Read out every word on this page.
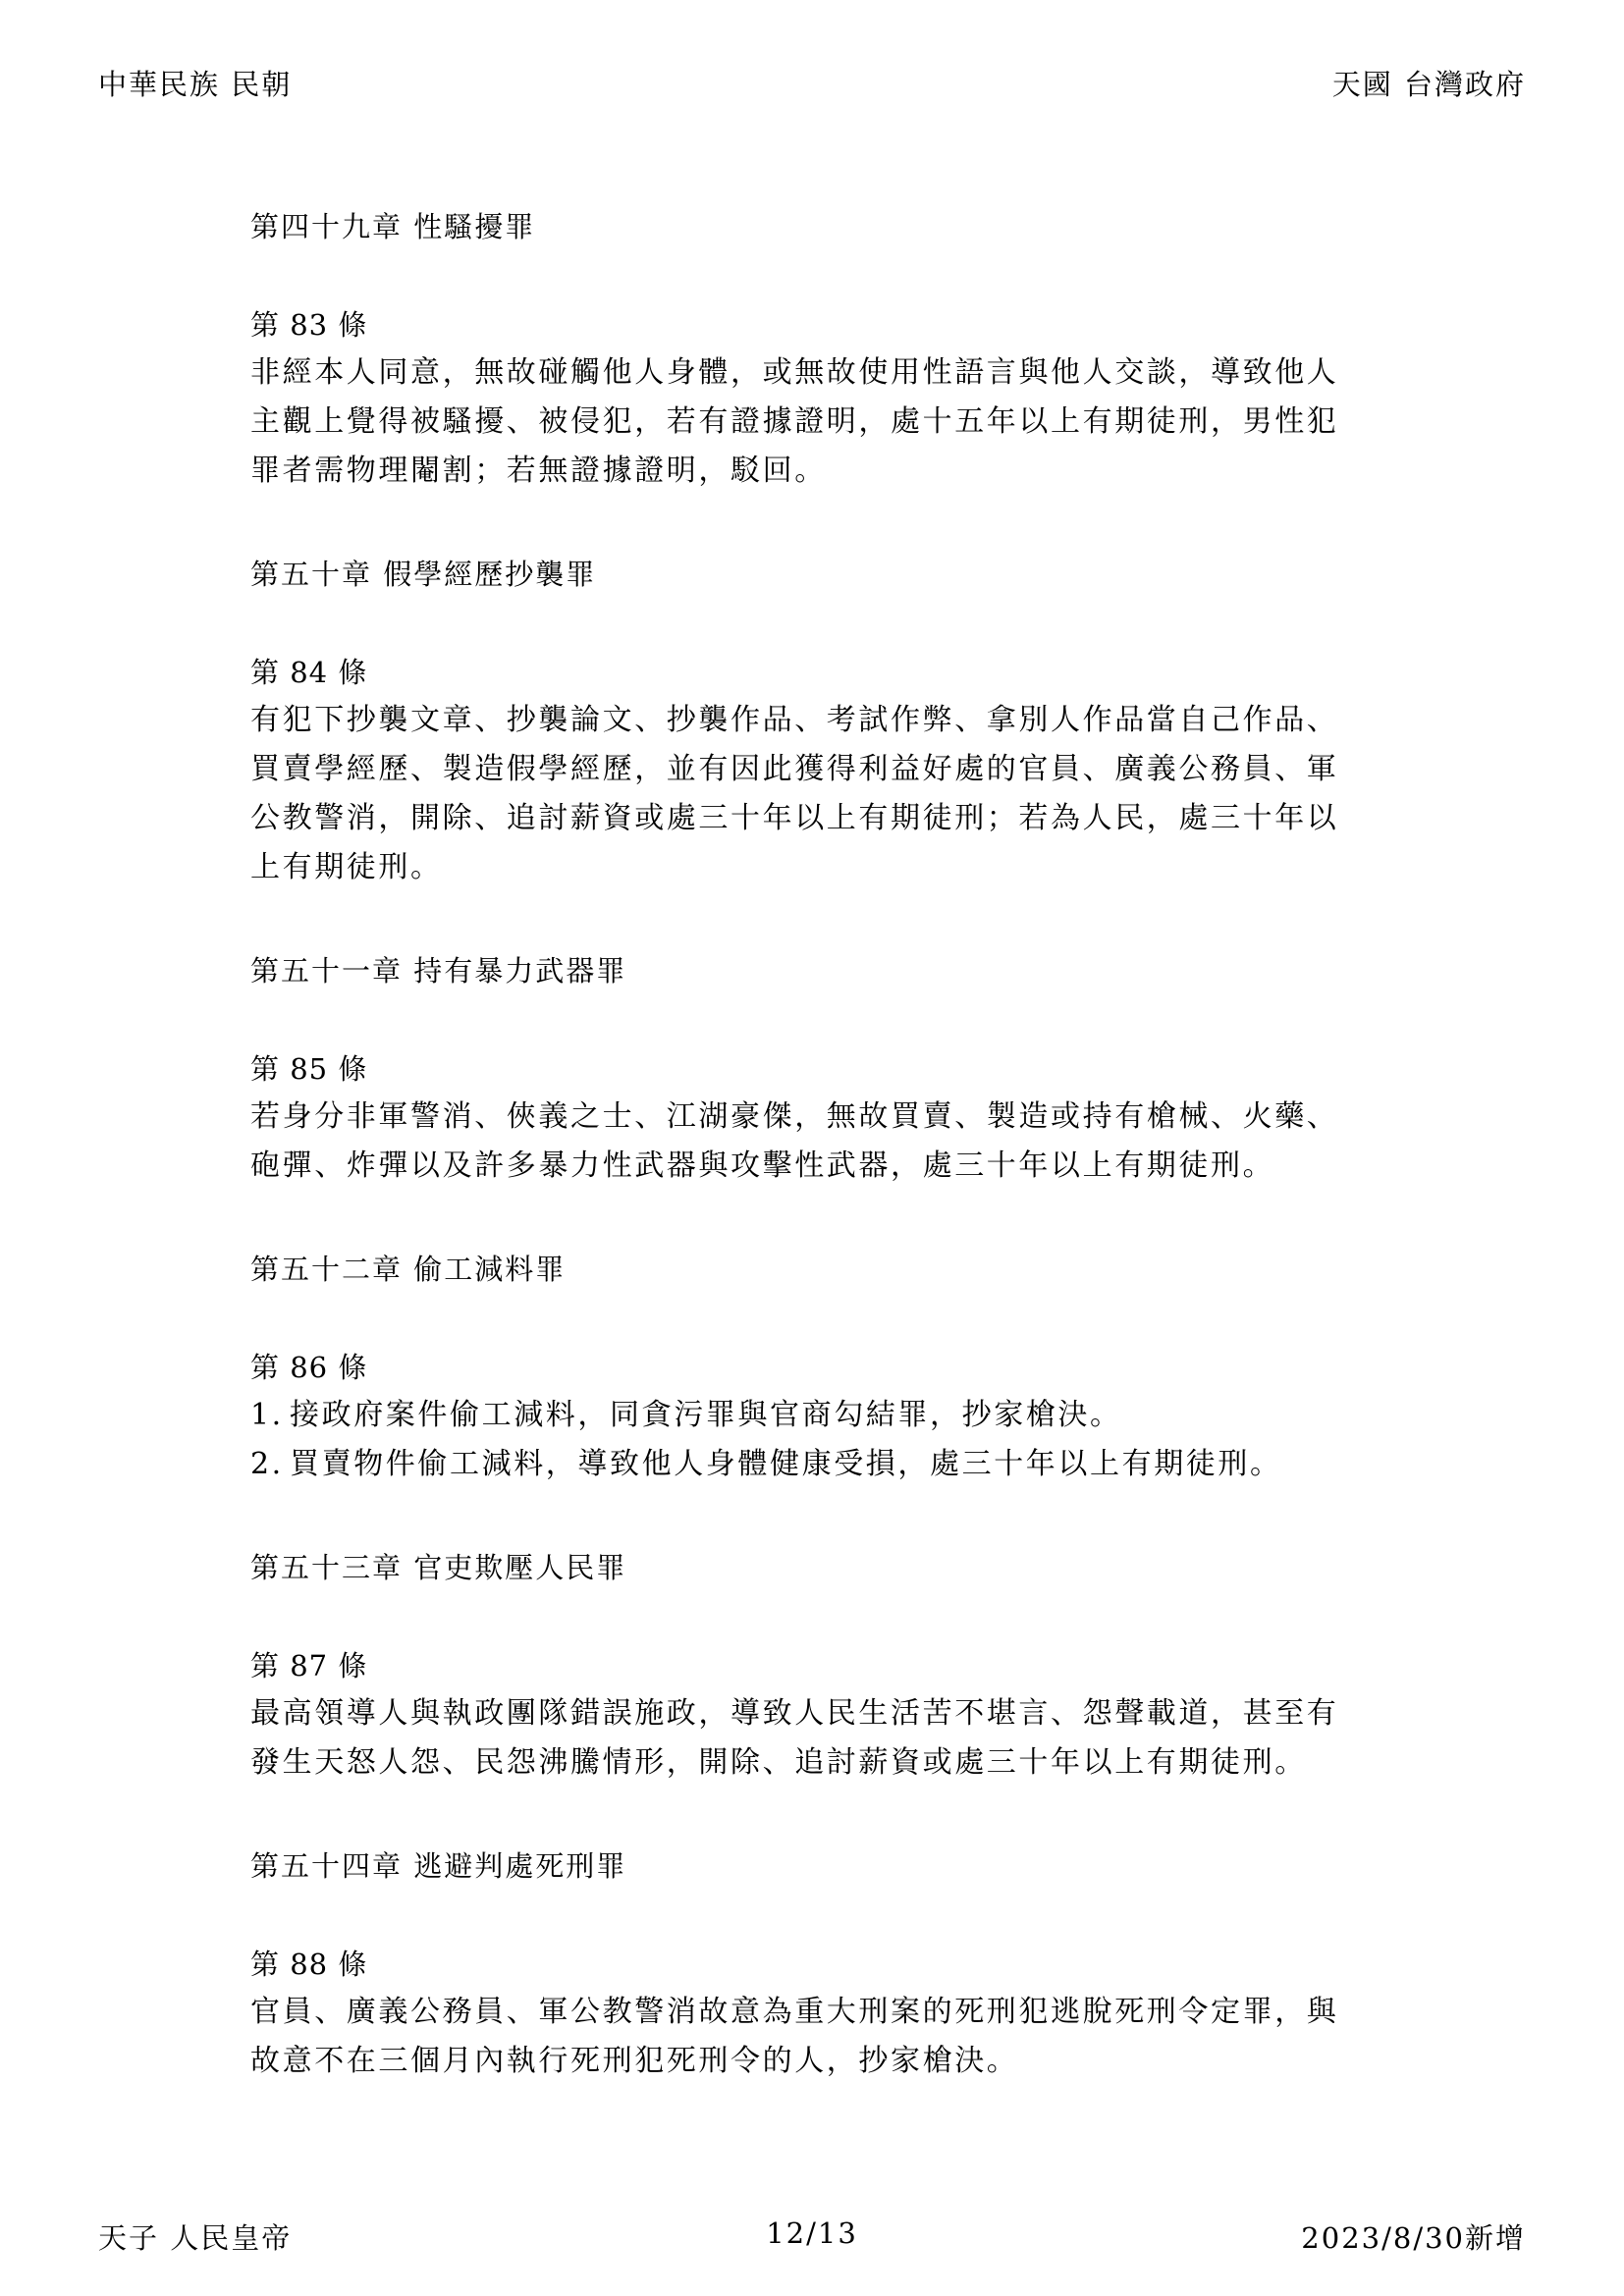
中華民族 民朝	天國 台灣政府
第四十九章 性騷擾罪
第 83 條
非經本人同意，無故碰觸他人身體，或無故使用性語言與他人交談，導致他人
主觀上覺得被騷擾、被侵犯，若有證據證明，處十五年以上有期徒刑，男性犯
罪者需物理閹割；若無證據證明，駁回。
第五十章 假學經歷抄襲罪
第 84 條
有犯下抄襲文章、抄襲論文、抄襲作品、考試作弊、拿別人作品當自己作品、
買賣學經歷、製造假學經歷，並有因此獲得利益好處的官員、廣義公務員、軍
公教警消，開除、追討薪資或處三十年以上有期徒刑；若為人民，處三十年以
上有期徒刑。
第五十一章 持有暴力武器罪
第 85 條
若身分非軍警消、俠義之士、江湖豪傑，無故買賣、製造或持有槍械、火藥、
砲彈、炸彈以及許多暴力性武器與攻擊性武器，處三十年以上有期徒刑。
第五十二章 偷工減料罪
第 86 條
1. 接政府案件偷工減料，同貪污罪與官商勾結罪，抄家槍決。
2. 買賣物件偷工減料，導致他人身體健康受損，處三十年以上有期徒刑。
第五十三章 官吏欺壓人民罪
第 87 條
最高領導人與執政團隊錯誤施政，導致人民生活苦不堪言、怨聲載道，甚至有
發生天怒人怨、民怨沸騰情形，開除、追討薪資或處三十年以上有期徒刑。
第五十四章 逃避判處死刑罪
第 88 條
官員、廣義公務員、軍公教警消故意為重大刑案的死刑犯逃脫死刑令定罪，與
故意不在三個月內執行死刑犯死刑令的人，抄家槍決。
天子 人民皇帝	12/13	2023/8/30新增
